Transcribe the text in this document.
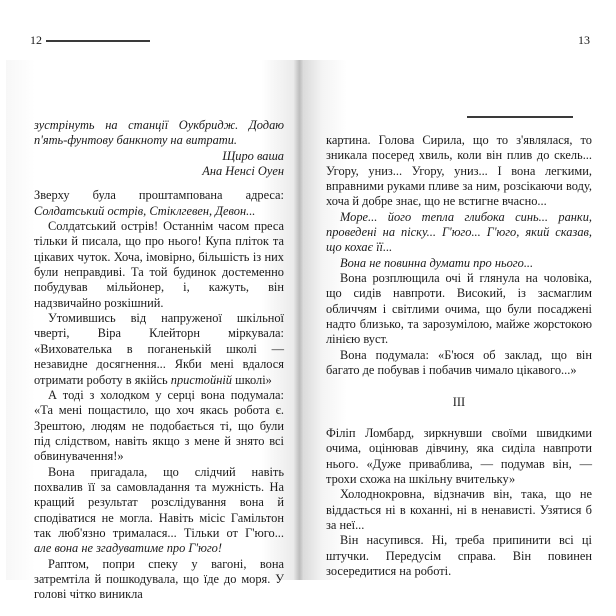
12	13

зустрінуть на станції Оукбридж. Додаю п'ять-фунтову банкноту на витрати.

Щиро ваша

Ана Ненсі Оуен

Зверху була проштампована адреса: Солдатський острів, Стіклгевен, Девон...

Солдатський острів! Останнім часом преса тільки й писала, що про нього! Купа пліток та цікавих чуток. Хоча, імовірно, більшість із них були неправдиві. Та той будинок достеменно побудував мільйонер, і, кажуть, він надзвичайно розкішний.

Утомившись від напруженої шкільної чверті, Віра Клейторн міркувала: «Вихователька в поганенькій школі — незавидне досягнення... Якби мені вдалося отримати роботу в якійсь пристойній школі»

А тоді з холодком у серці вона подумала: «Та мені пощастило, що хоч якась робота є. Зрештою, людям не подобається ті, що були під слідством, навіть якщо з мене й знято всі обвинувачення!»

Вона пригадала, що слідчий навіть похвалив її за самовладання та мужність. На кращий результат розслідування вона й сподіватися не могла. Навіть місіс Гамільтон так люб'язно трималася... Тільки от Г'юго... але вона не згадуватиме про Г'юго!

Раптом, попри спеку у вагоні, вона затремтіла й пошкодувала, що їде до моря. У голові чітко виникла

картина. Голова Сирила, що то з'являлася, то зникала посеред хвиль, коли він плив до скель... Угору, униз... Угору, униз... І вона легкими, вправними руками пливе за ним, розсікаючи воду, хоча й добре знає, що не встигне вчасно...

Море... його тепла глибока синь... ранки, проведені на піску... Г'юго... Г'юго, який сказав, що кохає її...

Вона не повинна думати про нього...

Вона розплющила очі й глянула на чоловіка, що сидів навпроти. Високий, із засмаглим обличчям і світлими очима, що були посаджені надто близько, та зарозумілою, майже жорстокою лінією вуст.

Вона подумала: «Б'юся об заклад, що він багато де побував і побачив чимало цікавого...»

III

Філіп Ломбард, зиркнувши своїми швидкими очима, оцінював дівчину, яка сиділа навпроти нього. «Дуже приваблива, — подумав він, — трохи схожа на шкільну вчительку»

Холоднокровна, відзначив він, така, що не віддасться ні в коханні, ні в ненависті. Узятися б за неї...

Він насупився. Ні, треба припинити всі ці штучки. Передусім справа. Він повинен зосередитися на роботі.
